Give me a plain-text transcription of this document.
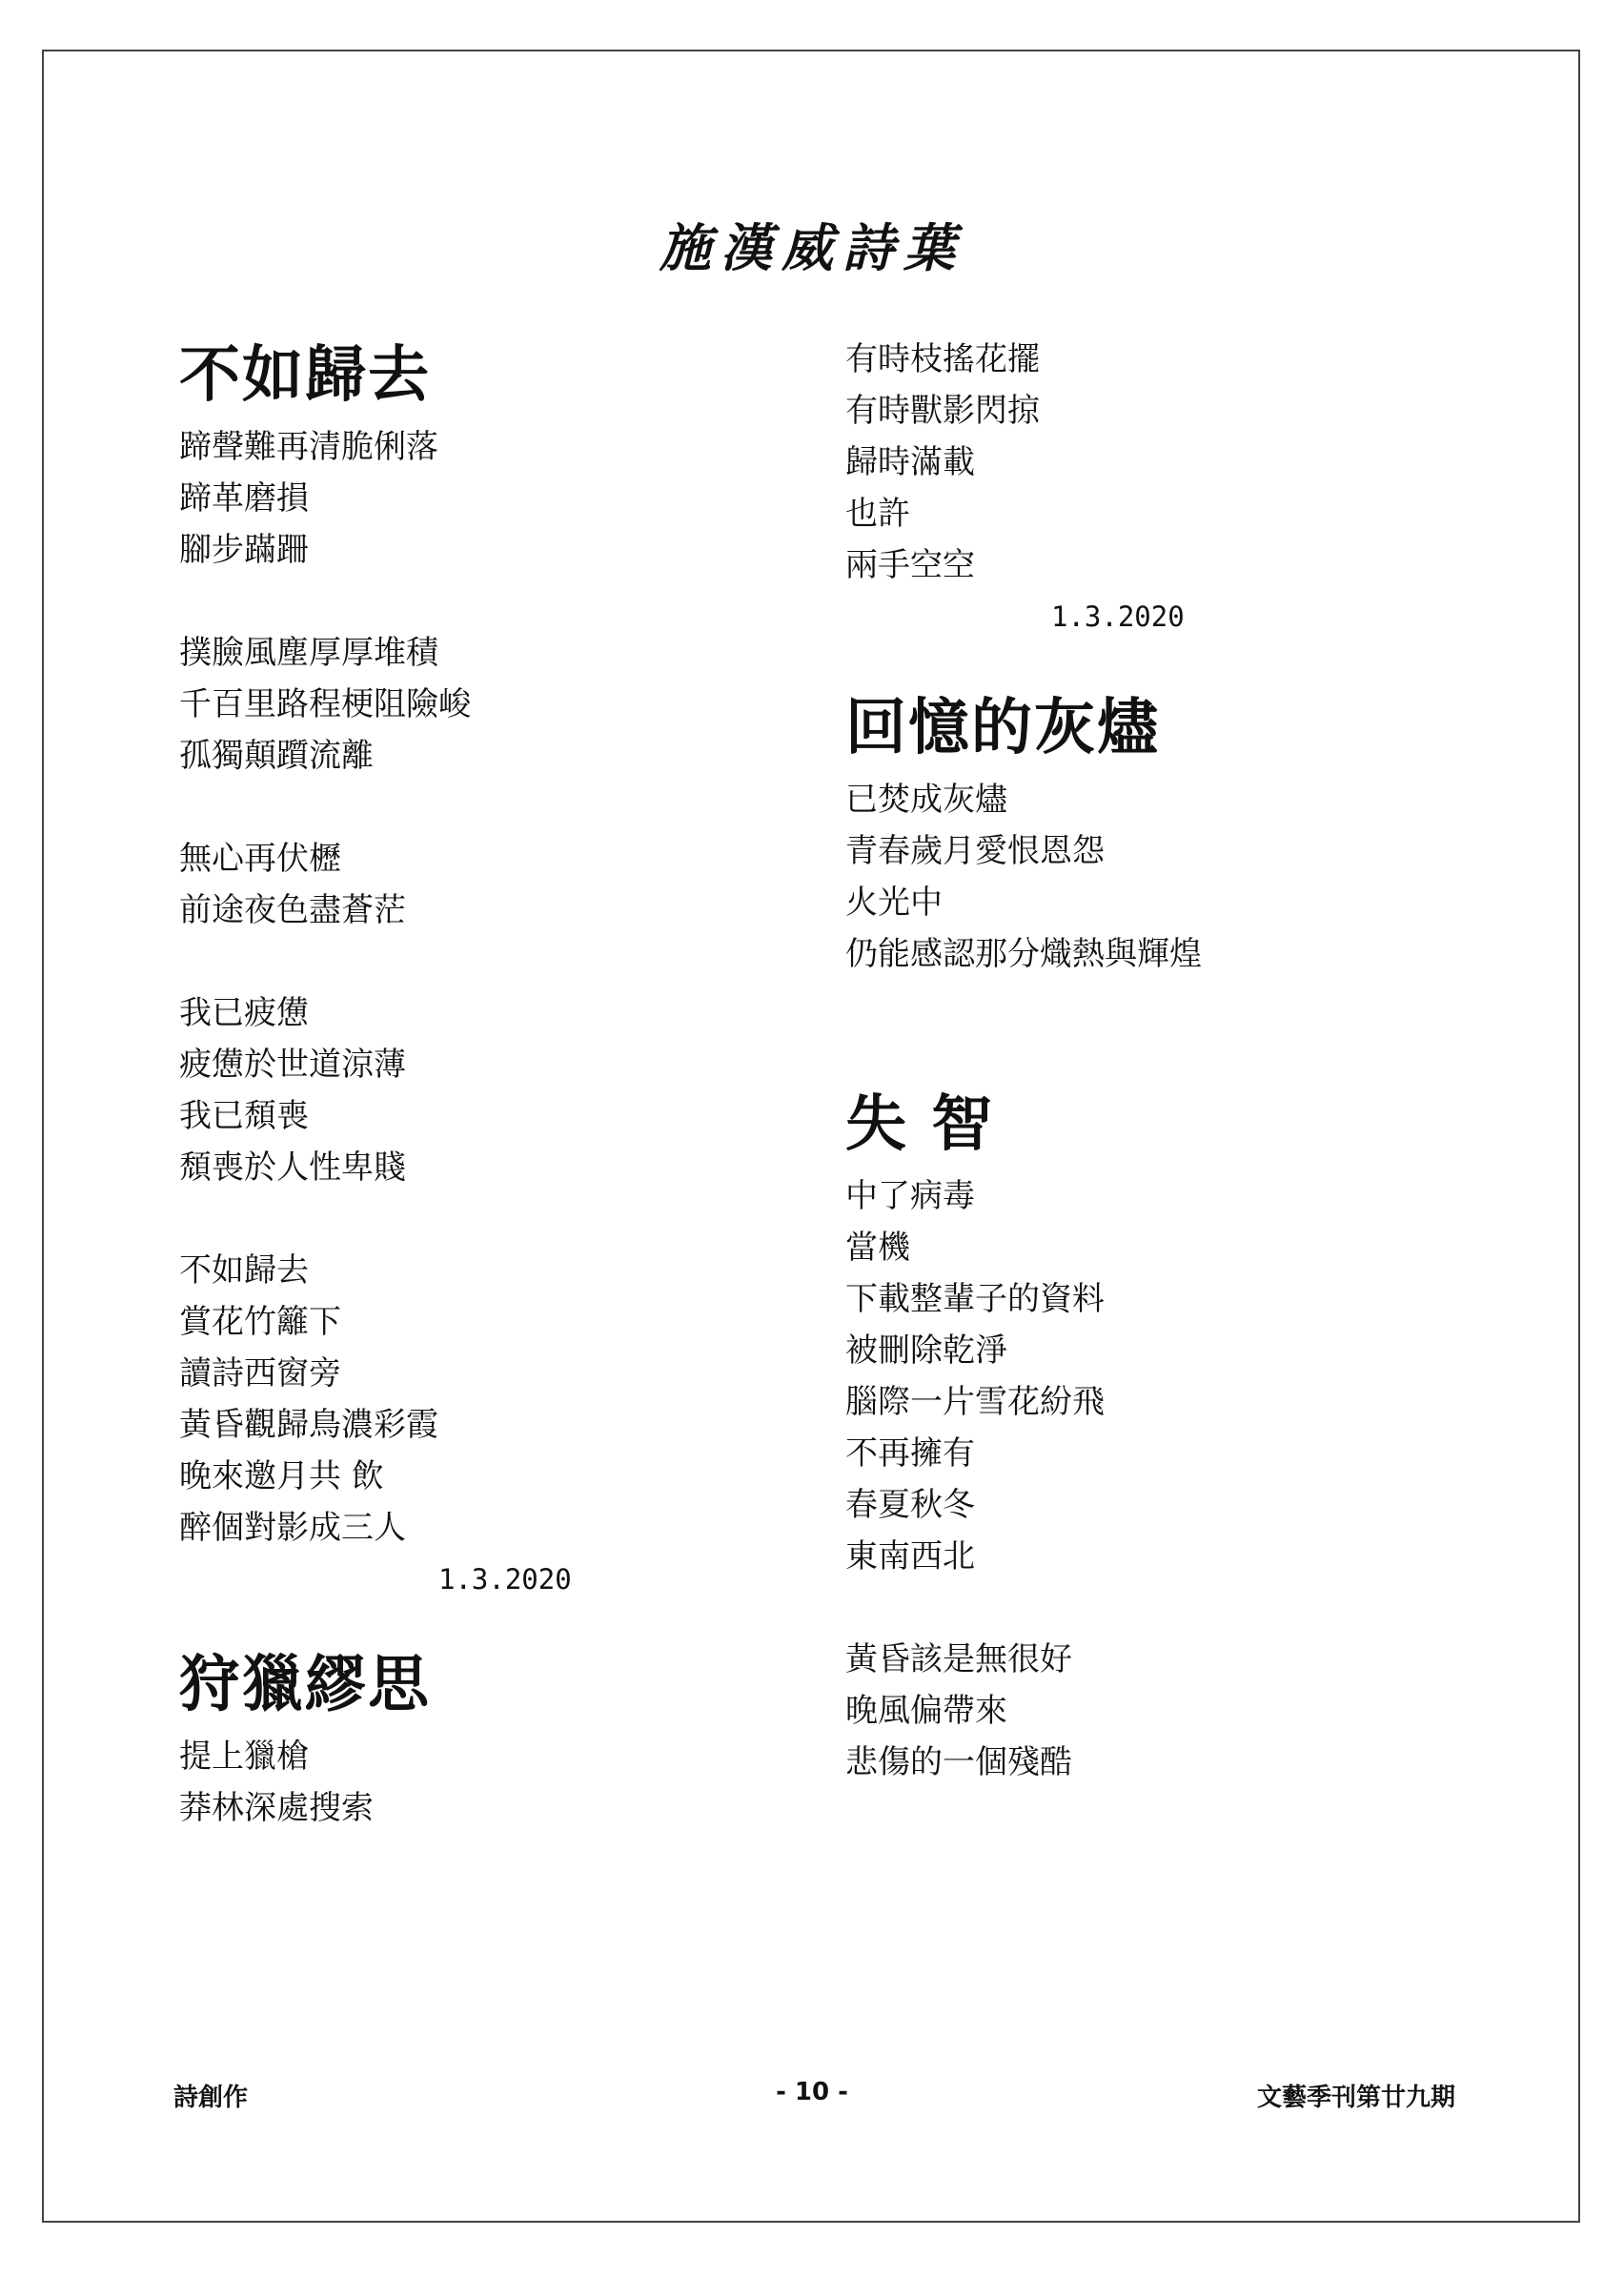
施漢威詩葉
不如歸去
蹄聲難再清脆俐落
蹄革磨損
腳步蹣跚
撲臉風塵厚厚堆積
千百里路程梗阻險峻
孤獨顛躓流離
無心再伏櫪
前途夜色盡蒼茫
我已疲憊
疲憊於世道涼薄
我已頹喪
頹喪於人性卑賤
不如歸去
賞花竹籬下
讀詩西窗旁
黃昏觀歸鳥濃彩霞
晚來邀月共 飲
醉個對影成三人
1.3.2020
狩獵繆思
提上獵槍
莽林深處搜索
有時枝搖花擺
有時獸影閃掠
歸時滿載
也許
兩手空空
1.3.2020
回憶的灰燼
已焚成灰燼
青春歲月愛恨恩怨
火光中
仍能感認那分熾熱與輝煌
失 智
中了病毒
當機
下載整輩子的資料
被刪除乾淨
腦際一片雪花紛飛
不再擁有
春夏秋冬
東南西北
黃昏該是無很好
晚風偏帶來
悲傷的一個殘酷
詩創作	- 10 -	文藝季刊第廿九期
